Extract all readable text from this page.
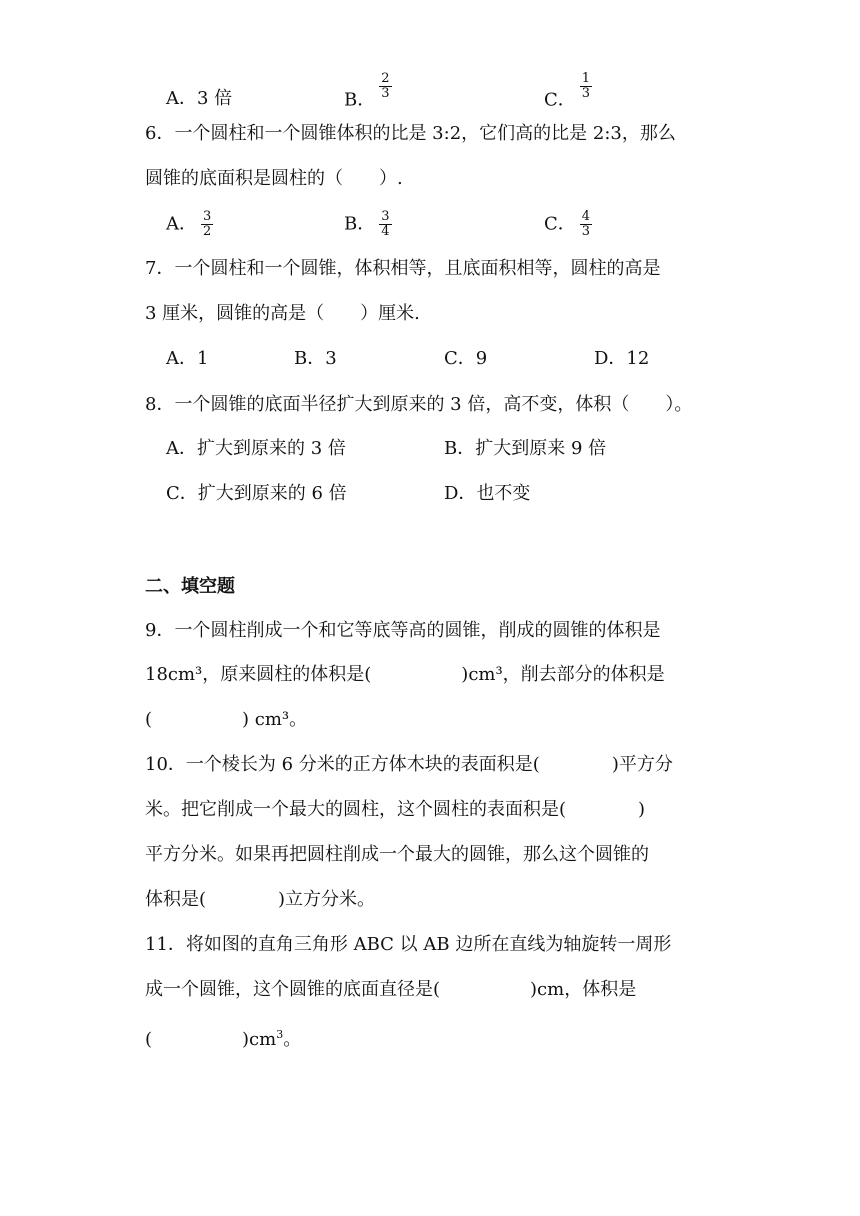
A．3 倍	B． $\frac{2}{3}$	C． $\frac{1}{3}$
6．一个圆柱和一个圆锥体积的比是 3:2，它们高的比是 2:3，那么
圆锥的底面积是圆柱的（　　）.
A． $\frac{3}{2}$	B． $\frac{3}{4}$	C． $\frac{4}{3}$
7．一个圆柱和一个圆锥，体积相等，且底面积相等，圆柱的高是
3 厘米，圆锥的高是（　　）厘米.
A．1	B．3	C．9	D．12
8．一个圆锥的底面半径扩大到原来的 3 倍，高不变，体积（　　）。
A．扩大到原来的 3 倍	B．扩大到原来 9 倍
C．扩大到原来的 6 倍	D．也不变
二、填空题
9．一个圆柱削成一个和它等底等高的圆锥，削成的圆锥的体积是
18cm³，原来圆柱的体积是(　　　　　)cm³，削去部分的体积是
(　　　　　) cm³。
10．一个棱长为 6 分米的正方体木块的表面积是(　　　　)平方分
米。把它削成一个最大的圆柱，这个圆柱的表面积是(　　　　)
平方分米。如果再把圆柱削成一个最大的圆锥，那么这个圆锥的
体积是(　　　　)立方分米。
11．将如图的直角三角形 ABC 以 AB 边所在直线为轴旋转一周形
成一个圆锥，这个圆锥的底面直径是(　　　　　)cm，体积是
(　　　　　)$cm^3$。
